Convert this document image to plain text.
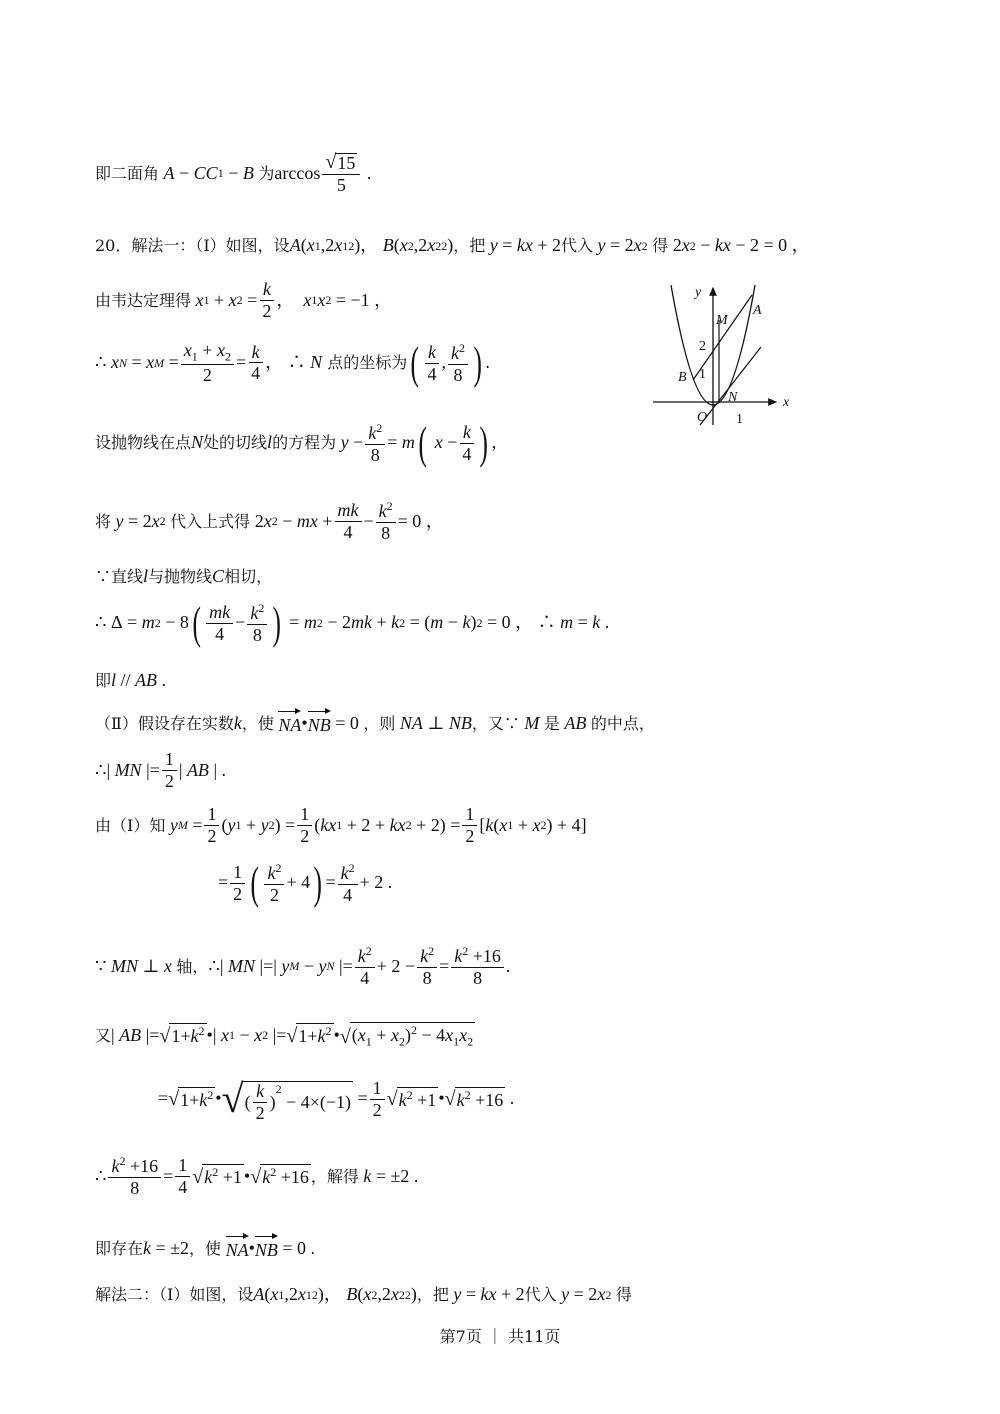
即二面角
A − CC 1 − B
为 $\arccos \frac{√ 15}{5}$ .
20．解法一：（Ⅰ）如图，设 A ( x 1 ,2 x 1 2 )， B ( x 2 ,2 x 2 2 ) ，把
y = kx + 2 代入
y = 2 x 2
得 2 x 2 − kx − 2 = 0 ，
由韦达定理得
x 1 + x $2 = \frac{k}{2}$ ， x 1 x 2 = −1 ，
∴ x N = x $M = \frac{x_1 + x_2}{2} = \frac{k}{4}$ ， ∴ N 点的坐标为 ( $\frac{k}{4}$ , $\frac{k^2}{8}$ ) .
y
x
M
A
B
O
N
2
1
1
设抛物线在点 N 处的切线 l 的方程为
$y - \frac{k^2}{8} = m$ (
$x - \frac{k}{4}$ ) ,
将
y = 2 x 2
代入上式得 2 x 2 − mx + $\frac{mk}{4} - \frac{k^2}{8} = 0$ ，
∵直线 l 与抛物线 C 相切，
∴ Δ = m 2 − 8 ( $\frac{mk}{4} - \frac{k^2}{8}$ ) = m 2 − 2 mk + k 2 = ( m − k ) 2 = 0 ， ∴ m = k .
即 l // AB .
（Ⅱ）假设存在实数 k ，使
NA • NB = 0 ，则
NA ⊥ NB ，又∵ M 是 AB 的中点，
∴| MN |= $\frac{1}{2}$ | AB | .
由（Ⅰ）知
y $M = \frac{1}{2}$ ( y 1 + y 2 ) = $\frac{1}{2}$ ( kx 1 + 2 + kx $2 + 2) = \frac{1}{2}$ [ k ( x 1 + x 2 ) + 4]
= $\frac{1}{2}$ ( $\frac{k^2}{2} + 4$ ) = $\frac{k^2}{4} + 2$ .
∵ MN ⊥ x
轴， ∴| MN |=| y M − y N |= $\frac{k^2}{4} + 2 - \frac{k^2}{8} = \frac{k^2 +16}{8}$ .
又 | AB |= √ $1+k^2$ •| x 1 − x 2 |= √ $1+k^2$ • √ $(x_1 + x_2)^2 - 4x_1x_2$
= √ $1+k^2$ • √ ( $\frac{k}{2}$ )
$^2$
− $4\times(-1) = \frac{1}{2}$ √ $k^2 +1$ • √ $k^2 +16$ .
∴ $\frac{k^2 +16}{8} = \frac{1}{4}$ √ $k^2 +1$ • √ $k^2 +16$ ，解得
k = ±2 .
即存在 k = ±2 ，使
NA • NB = 0 .
解法二：（Ⅰ）如图，设 A ( x 1 ,2 x 1 2 )， B ( x 2 ,2 x 2 2 ) ，把
y = kx + 2 代入
y = 2 x 2
得
第7页 ｜ 共11页
